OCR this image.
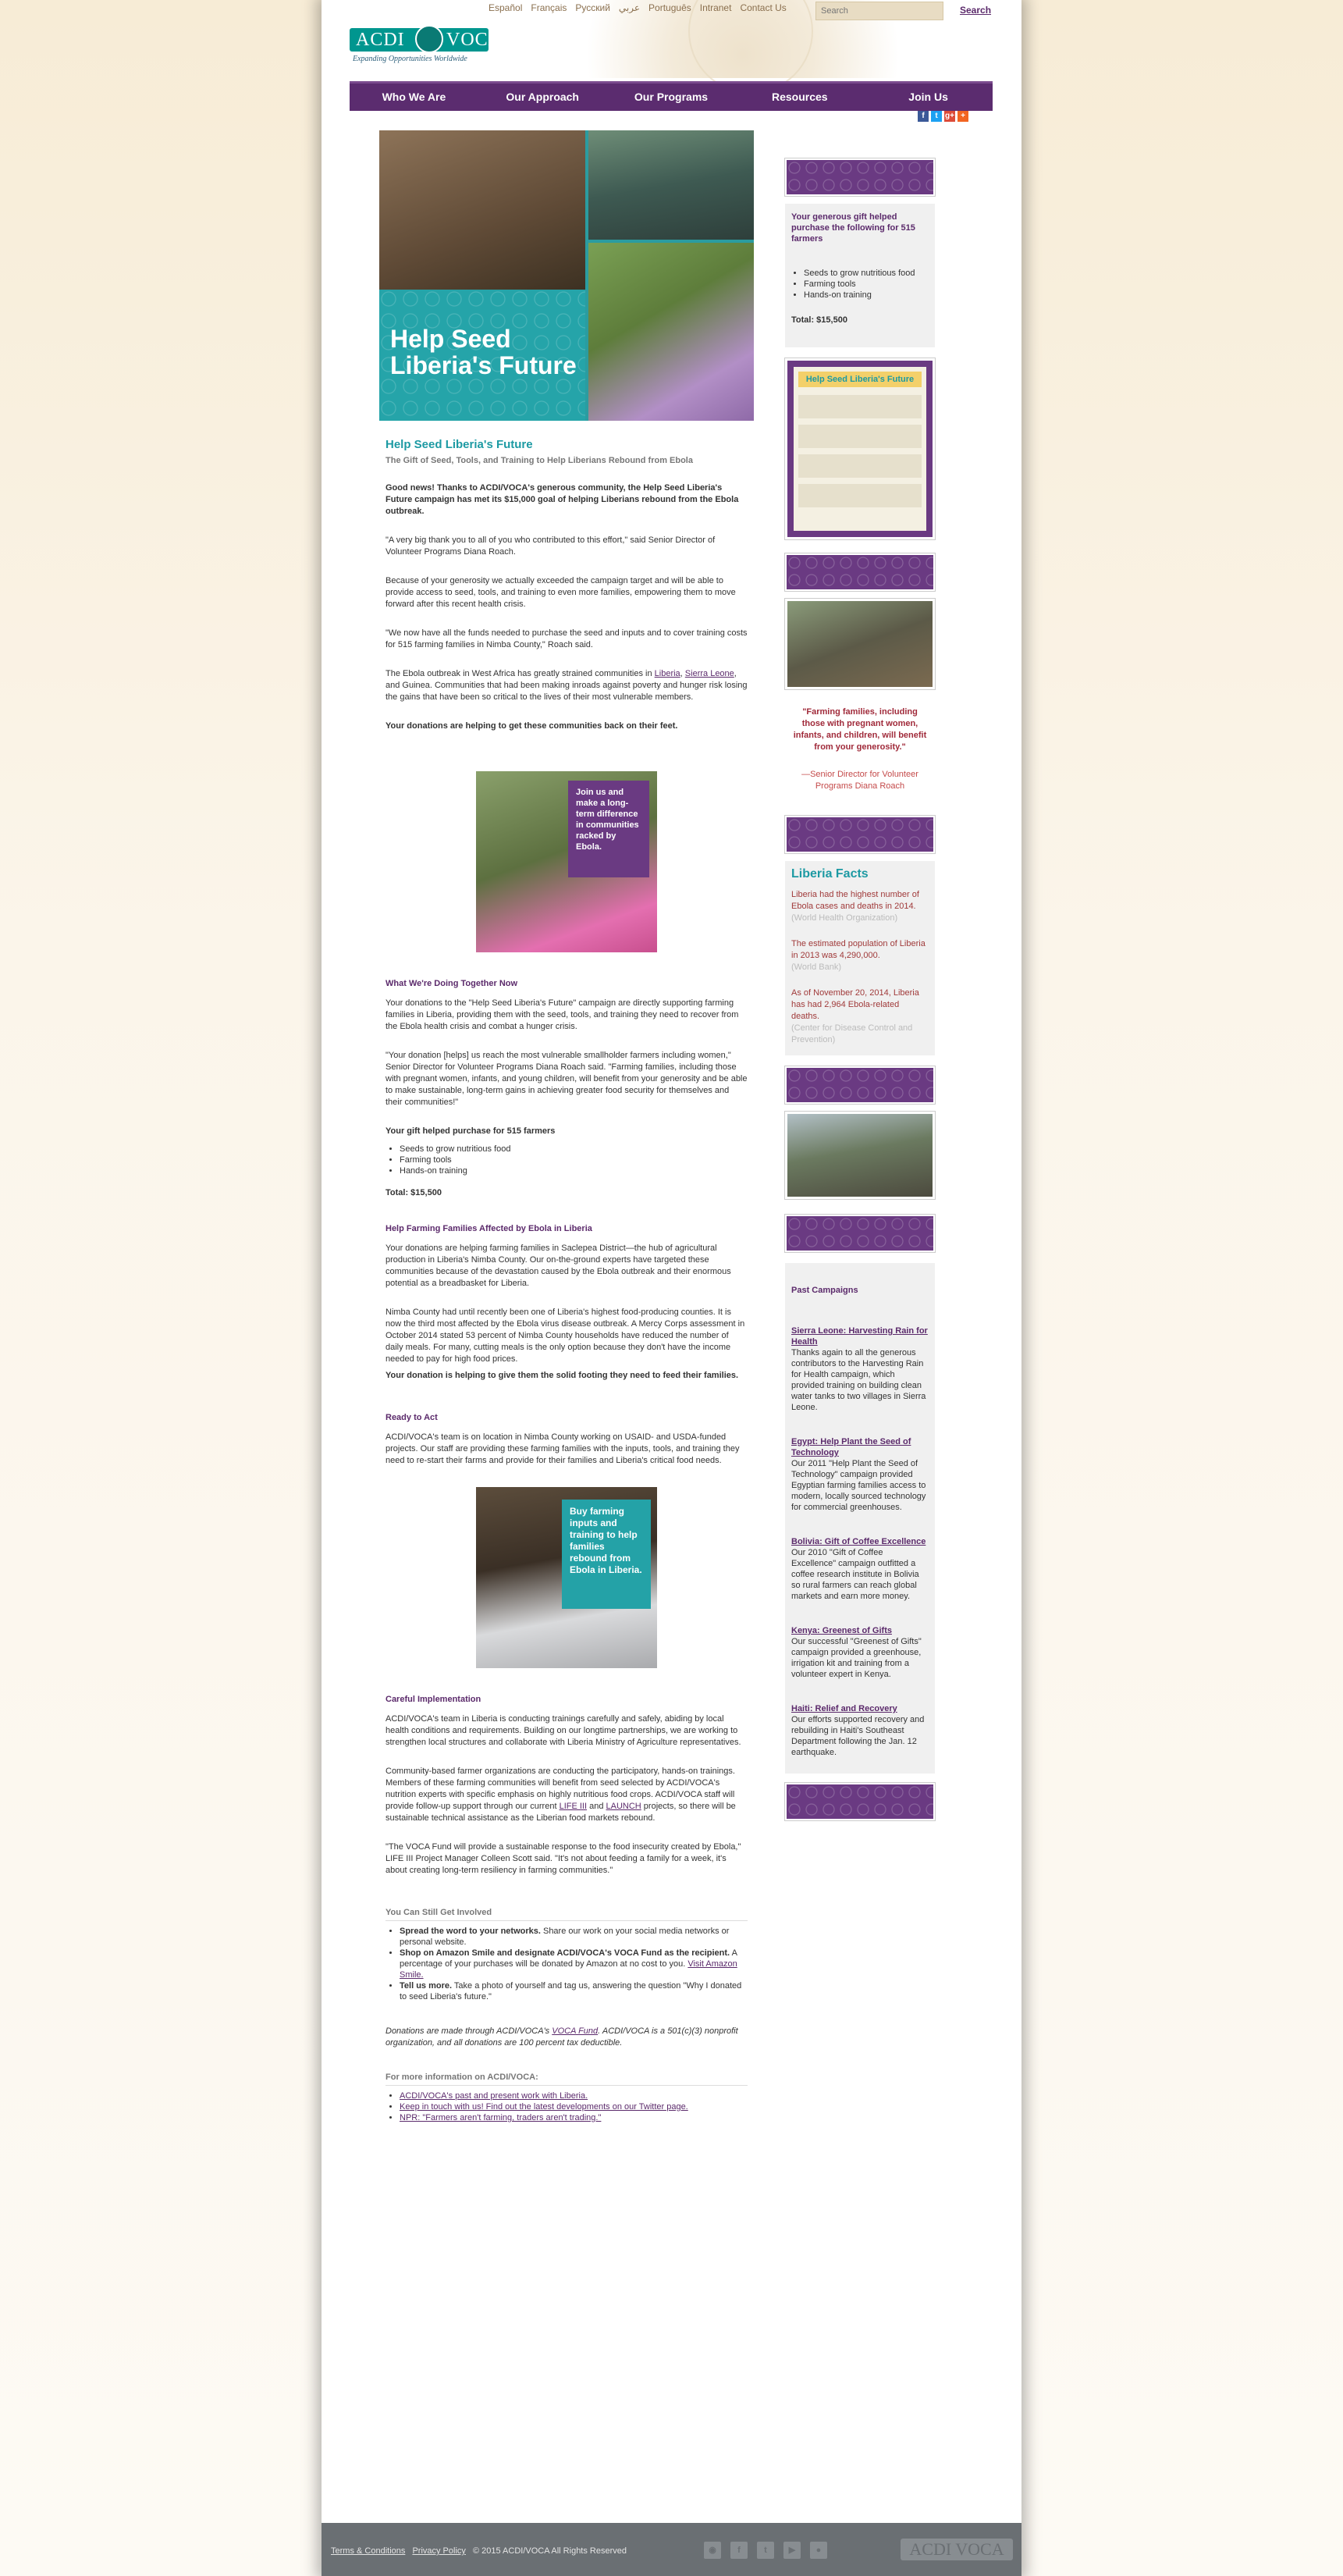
Español Français Русский عربي Português Intranet Contact Us
Search	Search
ACDI VOCA
Expanding Opportunities Worldwide
Who We Are	Our Approach	Our Programs	Resources	Join Us
f	t g+ +
Help Seed
Liberia's Future
Help Seed Liberia's Future
The Gift of Seed, Tools, and Training to Help Liberians Rebound from Ebola

Good news! Thanks to ACDI/VOCA's generous community, the Help Seed Liberia's Future campaign has met its $15,000 goal of helping Liberians rebound from the Ebola outbreak.

"A very big thank you to all of you who contributed to this effort," said Senior Director of Volunteer Programs Diana Roach.

Because of your generosity we actually exceeded the campaign target and will be able to provide access to seed, tools, and training to even more families, empowering them to move forward after this recent health crisis.

"We now have all the funds needed to purchase the seed and inputs and to cover training costs for 515 farming families in Nimba County," Roach said.

The Ebola outbreak in West Africa has greatly strained communities in Liberia, Sierra Leone, and Guinea. Communities that had been making inroads against poverty and hunger risk losing the gains that have been so critical to the lives of their most vulnerable members.

Your donations are helping to get these communities back on their feet.

Join us and make a long-term difference in communities racked by Ebola.
What We're Doing Together Now

Your donations to the "Help Seed Liberia's Future" campaign are directly supporting farming families in Liberia, providing them with the seed, tools, and training they need to recover from the Ebola health crisis and combat a hunger crisis.

"Your donation [helps] us reach the most vulnerable smallholder farmers including women," Senior Director for Volunteer Programs Diana Roach said. "Farming families, including those with pregnant women, infants, and young children, will benefit from your generosity and be able to make sustainable, long-term gains in achieving greater food security for themselves and their communities!"

Your gift helped purchase for 515 farmers

• Seeds to grow nutritious food
• Farming tools
• Hands-on training

Total: $15,500

Help Farming Families Affected by Ebola in Liberia

Your donations are helping farming families in Saclepea District—the hub of agricultural production in Liberia's Nimba County. Our on-the-ground experts have targeted these communities because of the devastation caused by the Ebola outbreak and their enormous potential as a breadbasket for Liberia.

Nimba County had until recently been one of Liberia's highest food-producing counties. It is now the third most affected by the Ebola virus disease outbreak. A Mercy Corps assessment in October 2014 stated 53 percent of Nimba County households have reduced the number of daily meals. For many, cutting meals is the only option because they don't have the income needed to pay for high food prices.

Your donation is helping to give them the solid footing they need to feed their families.

Ready to Act

ACDI/VOCA's team is on location in Nimba County working on USAID- and USDA-funded projects. Our staff are providing these farming families with the inputs, tools, and training they need to re-start their farms and provide for their families and Liberia's critical food needs.

Buy farming inputs and training to help families rebound from Ebola in Liberia.
Careful Implementation

ACDI/VOCA's team in Liberia is conducting trainings carefully and safely, abiding by local health conditions and requirements. Building on our longtime partnerships, we are working to strengthen local structures and collaborate with Liberia Ministry of Agriculture representatives.

Community-based farmer organizations are conducting the participatory, hands-on trainings. Members of these farming communities will benefit from seed selected by ACDI/VOCA's nutrition experts with specific emphasis on highly nutritious food crops. ACDI/VOCA staff will provide follow-up support through our current LIFE III and LAUNCH projects, so there will be sustainable technical assistance as the Liberian food markets rebound.

"The VOCA Fund will provide a sustainable response to the food insecurity created by Ebola," LIFE III Project Manager Colleen Scott said. "It's not about feeding a family for a week, it's about creating long-term resiliency in farming communities."

You Can Still Get Involved
• Spread the word to your networks. Share our work on your social media networks or personal website.
• Shop on Amazon Smile and designate ACDI/VOCA's VOCA Fund as the recipient. A percentage of your purchases will be donated by Amazon at no cost to you. Visit Amazon Smile.
• Tell us more. Take a photo of yourself and tag us, answering the question "Why I donated to seed Liberia's future."

Donations are made through ACDI/VOCA's VOCA Fund. ACDI/VOCA is a 501(c)(3) nonprofit organization, and all donations are 100 percent tax deductible.

For more information on ACDI/VOCA:
• ACDI/VOCA's past and present work with Liberia.
• Keep in touch with us! Find out the latest developments on our Twitter page.
• NPR: "Farmers aren't farming, traders aren't trading."
Your generous gift helped purchase the following for 515 farmers
• Seeds to grow nutritious food
• Farming tools
• Hands-on training
Total: $15,500
Help Seed Liberia's Future
"Farming families, including those with pregnant women, infants, and children, will benefit from your generosity."
—Senior Director for Volunteer Programs Diana Roach
Liberia Facts
Liberia had the highest number of Ebola cases and deaths in 2014.
(World Health Organization)
The estimated population of Liberia in 2013 was 4,290,000.
(World Bank)
As of November 20, 2014, Liberia has had 2,964 Ebola-related deaths.
(Center for Disease Control and Prevention)
Past Campaigns
Sierra Leone: Harvesting Rain for Health
Thanks again to all the generous contributors to the Harvesting Rain for Health campaign, which provided training on building clean water tanks to two villages in Sierra Leone.
Egypt: Help Plant the Seed of Technology
Our 2011 "Help Plant the Seed of Technology" campaign provided Egyptian farming families access to modern, locally sourced technology for commercial greenhouses.
Bolivia: Gift of Coffee Excellence
Our 2010 "Gift of Coffee Excellence" campaign outfitted a coffee research institute in Bolivia so rural farmers can reach global markets and earn more money.
Kenya: Greenest of Gifts
Our successful "Greenest of Gifts" campaign provided a greenhouse, irrigation kit and training from a volunteer expert in Kenya.
Haiti: Relief and Recovery
Our efforts supported recovery and rebuilding in Haiti's Southeast Department following the Jan. 12 earthquake.
Terms & Conditions Privacy Policy © 2015 ACDI/VOCA All Rights Reserved	◉	f	t	▶	●	ACDI VOCA
